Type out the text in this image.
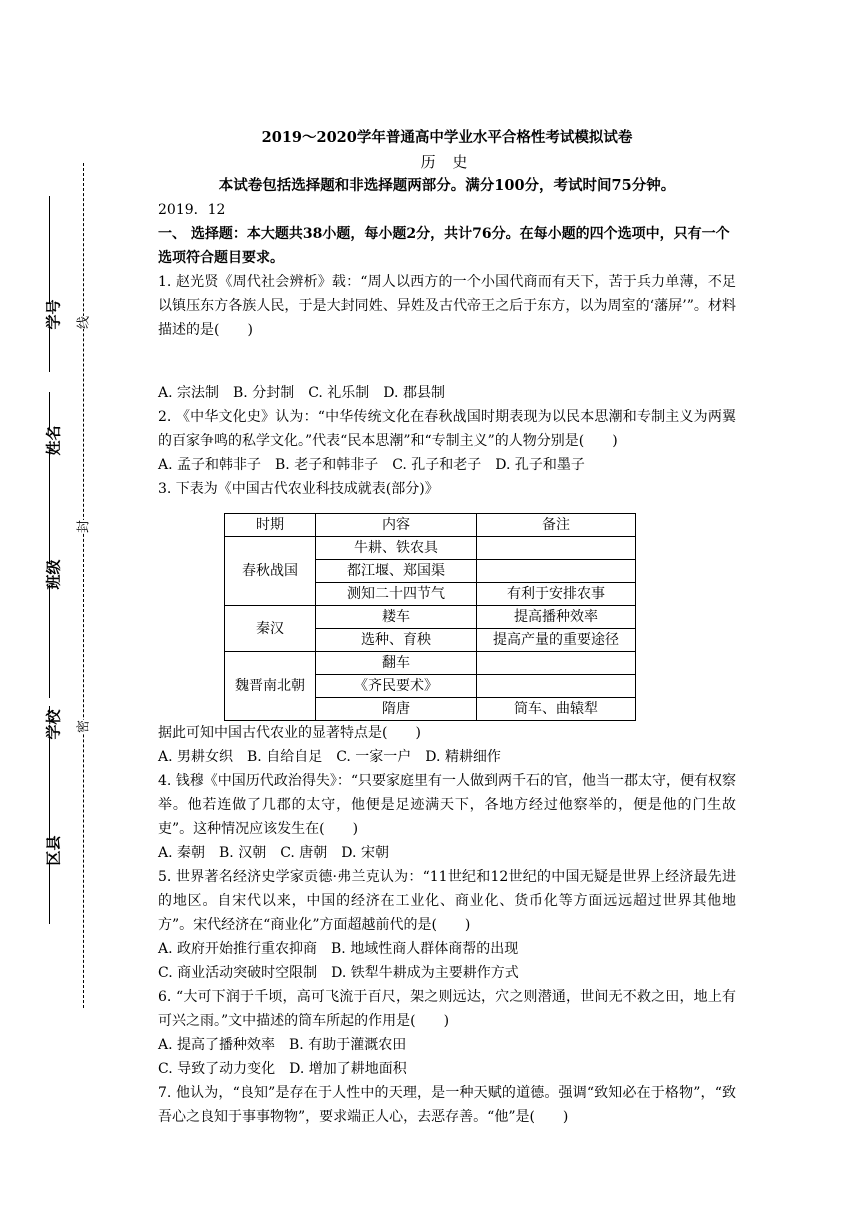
线
封
密
学号
姓名
班级
学校
区县

2019～2020学年普通高中学业水平合格性考试模拟试卷

历 史

本试卷包括选择题和非选择题两部分。满分100分，考试时间75分钟。

2019．12

一、 选择题：本大题共38小题，每小题2分，共计76分。在每小题的四个选项中，只有一个选项符合题目要求。

1. 赵光贤《周代社会辨析》载：“周人以西方的一个小国代商而有天下，苦于兵力单薄，不足以镇压东方各族人民，于是大封同姓、异姓及古代帝王之后于东方，以为周室的‘藩屏’”。材料描述的是(　　)

A. 宗法制　B. 分封制　C. 礼乐制　D. 郡县制

2. 《中华文化史》认为：“中华传统文化在春秋战国时期表现为以民本思潮和专制主义为两翼的百家争鸣的私学文化。”代表“民本思潮”和“专制主义”的人物分别是(　　)

A. 孟子和韩非子　B. 老子和韩非子　C. 孔子和老子　D. 孔子和墨子

3. 下表为《中国古代农业科技成就表(部分)》

时期	内容	备注
春秋战国	牛耕、铁农具	
	都江堰、郑国渠	
	测知二十四节气	有利于安排农事
秦汉	耧车	提高播种效率
	选种、育秧	提高产量的重要途径
魏晋南北朝	翻车	
	《齐民要术》	
	隋唐	筒车、曲辕犁

据此可知中国古代农业的显著特点是(　　)

A. 男耕女织　B. 自给自足　C. 一家一户　D. 精耕细作

4. 钱穆《中国历代政治得失》：“只要家庭里有一人做到两千石的官，他当一郡太守，便有权察举。他若连做了几郡的太守，他便是足迹满天下，各地方经过他察举的，便是他的门生故吏”。这种情况应该发生在(　　)

A. 秦朝　B. 汉朝　C. 唐朝　D. 宋朝

5. 世界著名经济史学家贡德·弗兰克认为：“11世纪和12世纪的中国无疑是世界上经济最先进的地区。自宋代以来，中国的经济在工业化、商业化、货币化等方面远远超过世界其他地方”。宋代经济在“商业化”方面超越前代的是(　　)

A. 政府开始推行重农抑商　B. 地域性商人群体商帮的出现

C. 商业活动突破时空限制　D. 铁犁牛耕成为主要耕作方式

6. “大可下润于千顷，高可飞流于百尺，架之则远达，穴之则潜通，世间无不救之田，地上有可兴之雨。”文中描述的筒车所起的作用是(　　)

A. 提高了播种效率　B. 有助于灌溉农田

C. 导致了动力变化　D. 增加了耕地面积

7. 他认为，“良知”是存在于人性中的天理，是一种天赋的道德。强调“致知必在于格物”，“致吾心之良知于事事物物”，要求端正人心，去恶存善。“他”是(　　)
